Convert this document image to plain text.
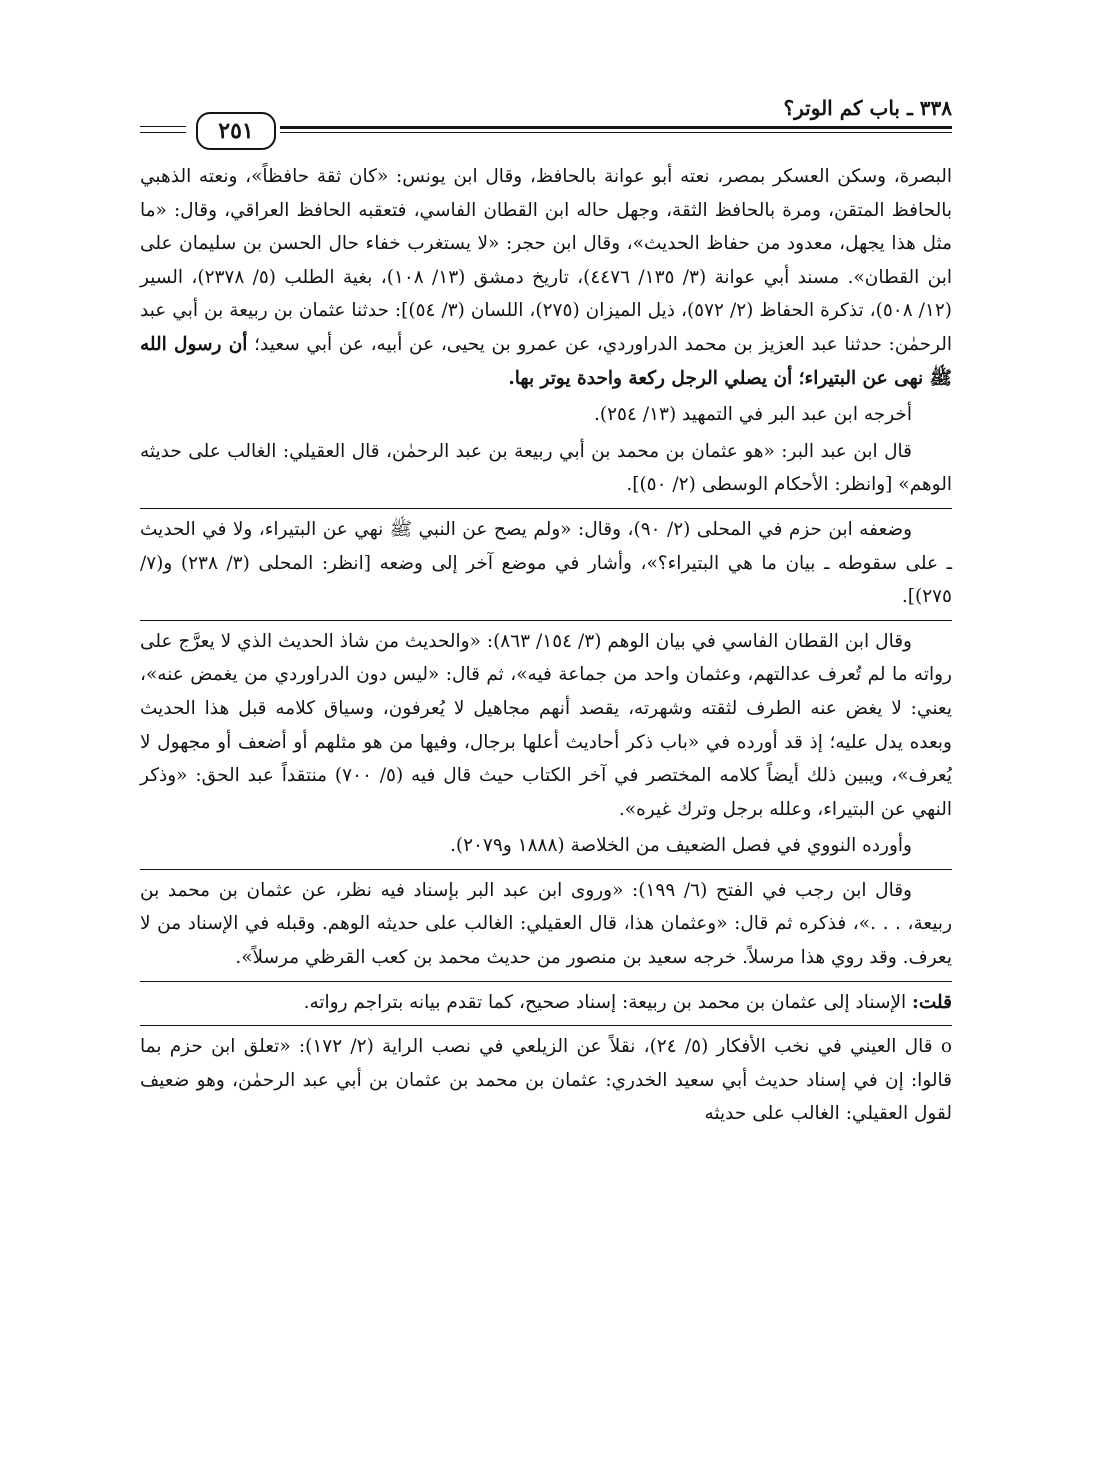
٣٣٨ ـ باب كم الوتر؟
٢٥١

البصرة، وسكن العسكر بمصر، نعته أبو عوانة بالحافظ، وقال ابن يونس: «كان ثقة حافظاً»، ونعته الذهبي بالحافظ المتقن، ومرة بالحافظ الثقة، وجهل حاله ابن القطان الفاسي، فتعقبه الحافظ العراقي، وقال: «ما مثل هذا يجهل، معدود من حفاظ الحديث»، وقال ابن حجر: «لا يستغرب خفاء حال الحسن بن سليمان على ابن القطان». مسند أبي عوانة (٣/ ١٣٥/ ٤٤٧٦)، تاريخ دمشق (١٣/ ١٠٨)، بغية الطلب (٥/ ٢٣٧٨)، السير (١٢/ ٥٠٨)، تذكرة الحفاظ (٢/ ٥٧٢)، ذيل الميزان (٢٧٥)، اللسان (٣/ ٥٤)]: حدثنا عثمان بن ربيعة بن أبي عبد الرحمٰن: حدثنا عبد العزيز بن محمد الدراوردي، عن عمرو بن يحيى، عن أبيه، عن أبي سعيد؛ أن رسول الله ﷺ نهى عن البتيراء؛ أن يصلي الرجل ركعة واحدة يوتر بها.

أخرجه ابن عبد البر في التمهيد (١٣/ ٢٥٤).

قال ابن عبد البر: «هو عثمان بن محمد بن أبي ربيعة بن عبد الرحمٰن، قال العقيلي: الغالب على حديثه الوهم» [وانظر: الأحكام الوسطى (٢/ ٥٠)].

وضعفه ابن حزم في المحلى (٢/ ٩٠)، وقال: «ولم يصح عن النبي ﷺ نهي عن البتيراء، ولا في الحديث ـ على سقوطه ـ بيان ما هي البتيراء؟»، وأشار في موضع آخر إلى وضعه [انظر: المحلى (٣/ ٢٣٨) و(٧/ ٢٧٥)].

وقال ابن القطان الفاسي في بيان الوهم (٣/ ١٥٤/ ٨٦٣): «والحديث من شاذ الحديث الذي لا يعرَّج على رواته ما لم تُعرف عدالتهم، وعثمان واحد من جماعة فيه»، ثم قال: «ليس دون الدراوردي من يغمض عنه»، يعني: لا يغض عنه الطرف لثقته وشهرته، يقصد أنهم مجاهيل لا يُعرفون، وسياق كلامه قبل هذا الحديث وبعده يدل عليه؛ إذ قد أورده في «باب ذكر أحاديث أعلها برجال، وفيها من هو مثلهم أو أضعف أو مجهول لا يُعرف»، ويبين ذلك أيضاً كلامه المختصر في آخر الكتاب حيث قال فيه (٥/ ٧٠٠) منتقداً عبد الحق: «وذكر النهي عن البتيراء، وعلله برجل وترك غيره».

وأورده النووي في فصل الضعيف من الخلاصة (١٨٨٨ و٢٠٧٩).

وقال ابن رجب في الفتح (٦/ ١٩٩): «وروى ابن عبد البر بإسناد فيه نظر، عن عثمان بن محمد بن ربيعة، . . .»، فذكره ثم قال: «وعثمان هذا، قال العقيلي: الغالب على حديثه الوهم. وقبله في الإسناد من لا يعرف. وقد روي هذا مرسلاً. خرجه سعيد بن منصور من حديث محمد بن كعب القرظي مرسلاً».

قلت: الإسناد إلى عثمان بن محمد بن ربيعة: إسناد صحيح، كما تقدم بيانه بتراجم رواته.

o قال العيني في نخب الأفكار (٥/ ٢٤)، نقلاً عن الزيلعي في نصب الراية (٢/ ١٧٢): «تعلق ابن حزم بما قالوا: إن في إسناد حديث أبي سعيد الخدري: عثمان بن محمد بن عثمان بن أبي عبد الرحمٰن، وهو ضعيف لقول العقيلي: الغالب على حديثه
